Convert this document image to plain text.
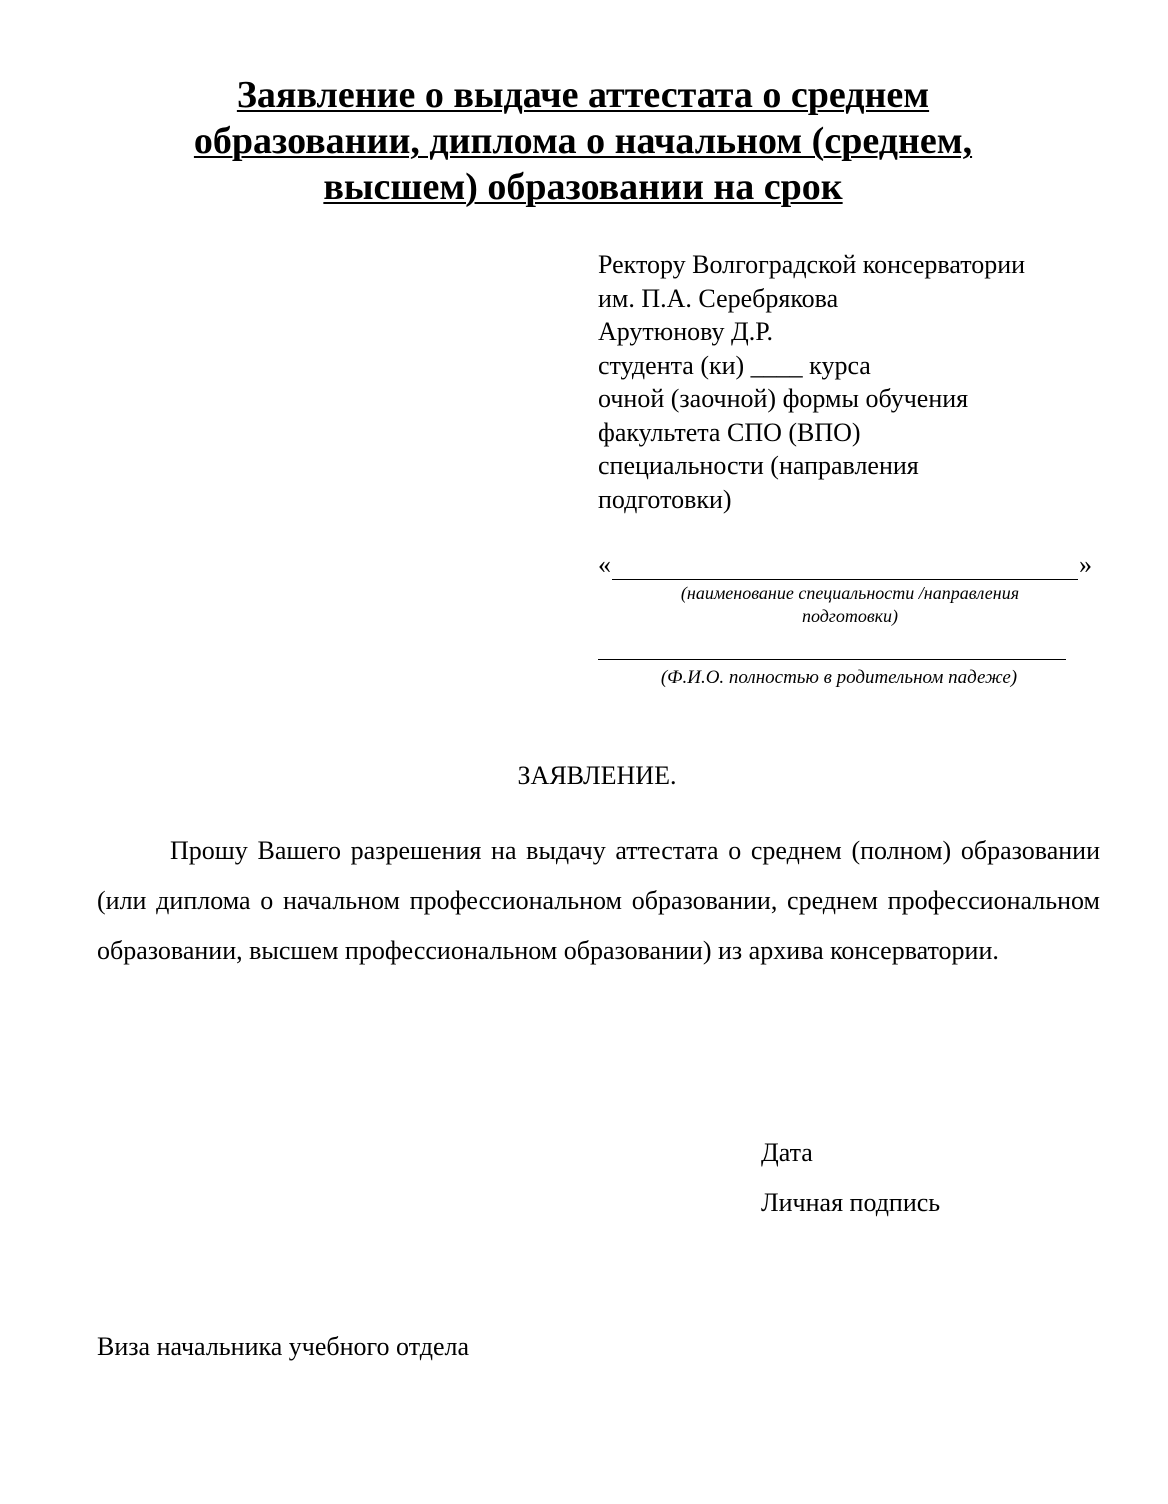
Заявление о выдаче аттестата о среднем
образовании, диплома о начальном (среднем,
высшем) образовании на срок
Ректору Волгоградской консерватории
им. П.А. Серебрякова
Арутюнову Д.Р.
студента (ки) ____ курса
очной (заочной) формы обучения
факультета СПО (ВПО)
специальности (направления
подготовки)
«	»
(наименование специальности /направления
подготовки)
(Ф.И.О. полностью в родительном падеже)
ЗАЯВЛЕНИЕ.
Прошу Вашего разрешения на выдачу аттестата о среднем (полном) образовании (или диплома о начальном профессиональном образовании, среднем профессиональном образовании, высшем профессиональном образовании) из архива консерватории.
Дата
Личная подпись
Виза начальника учебного отдела
